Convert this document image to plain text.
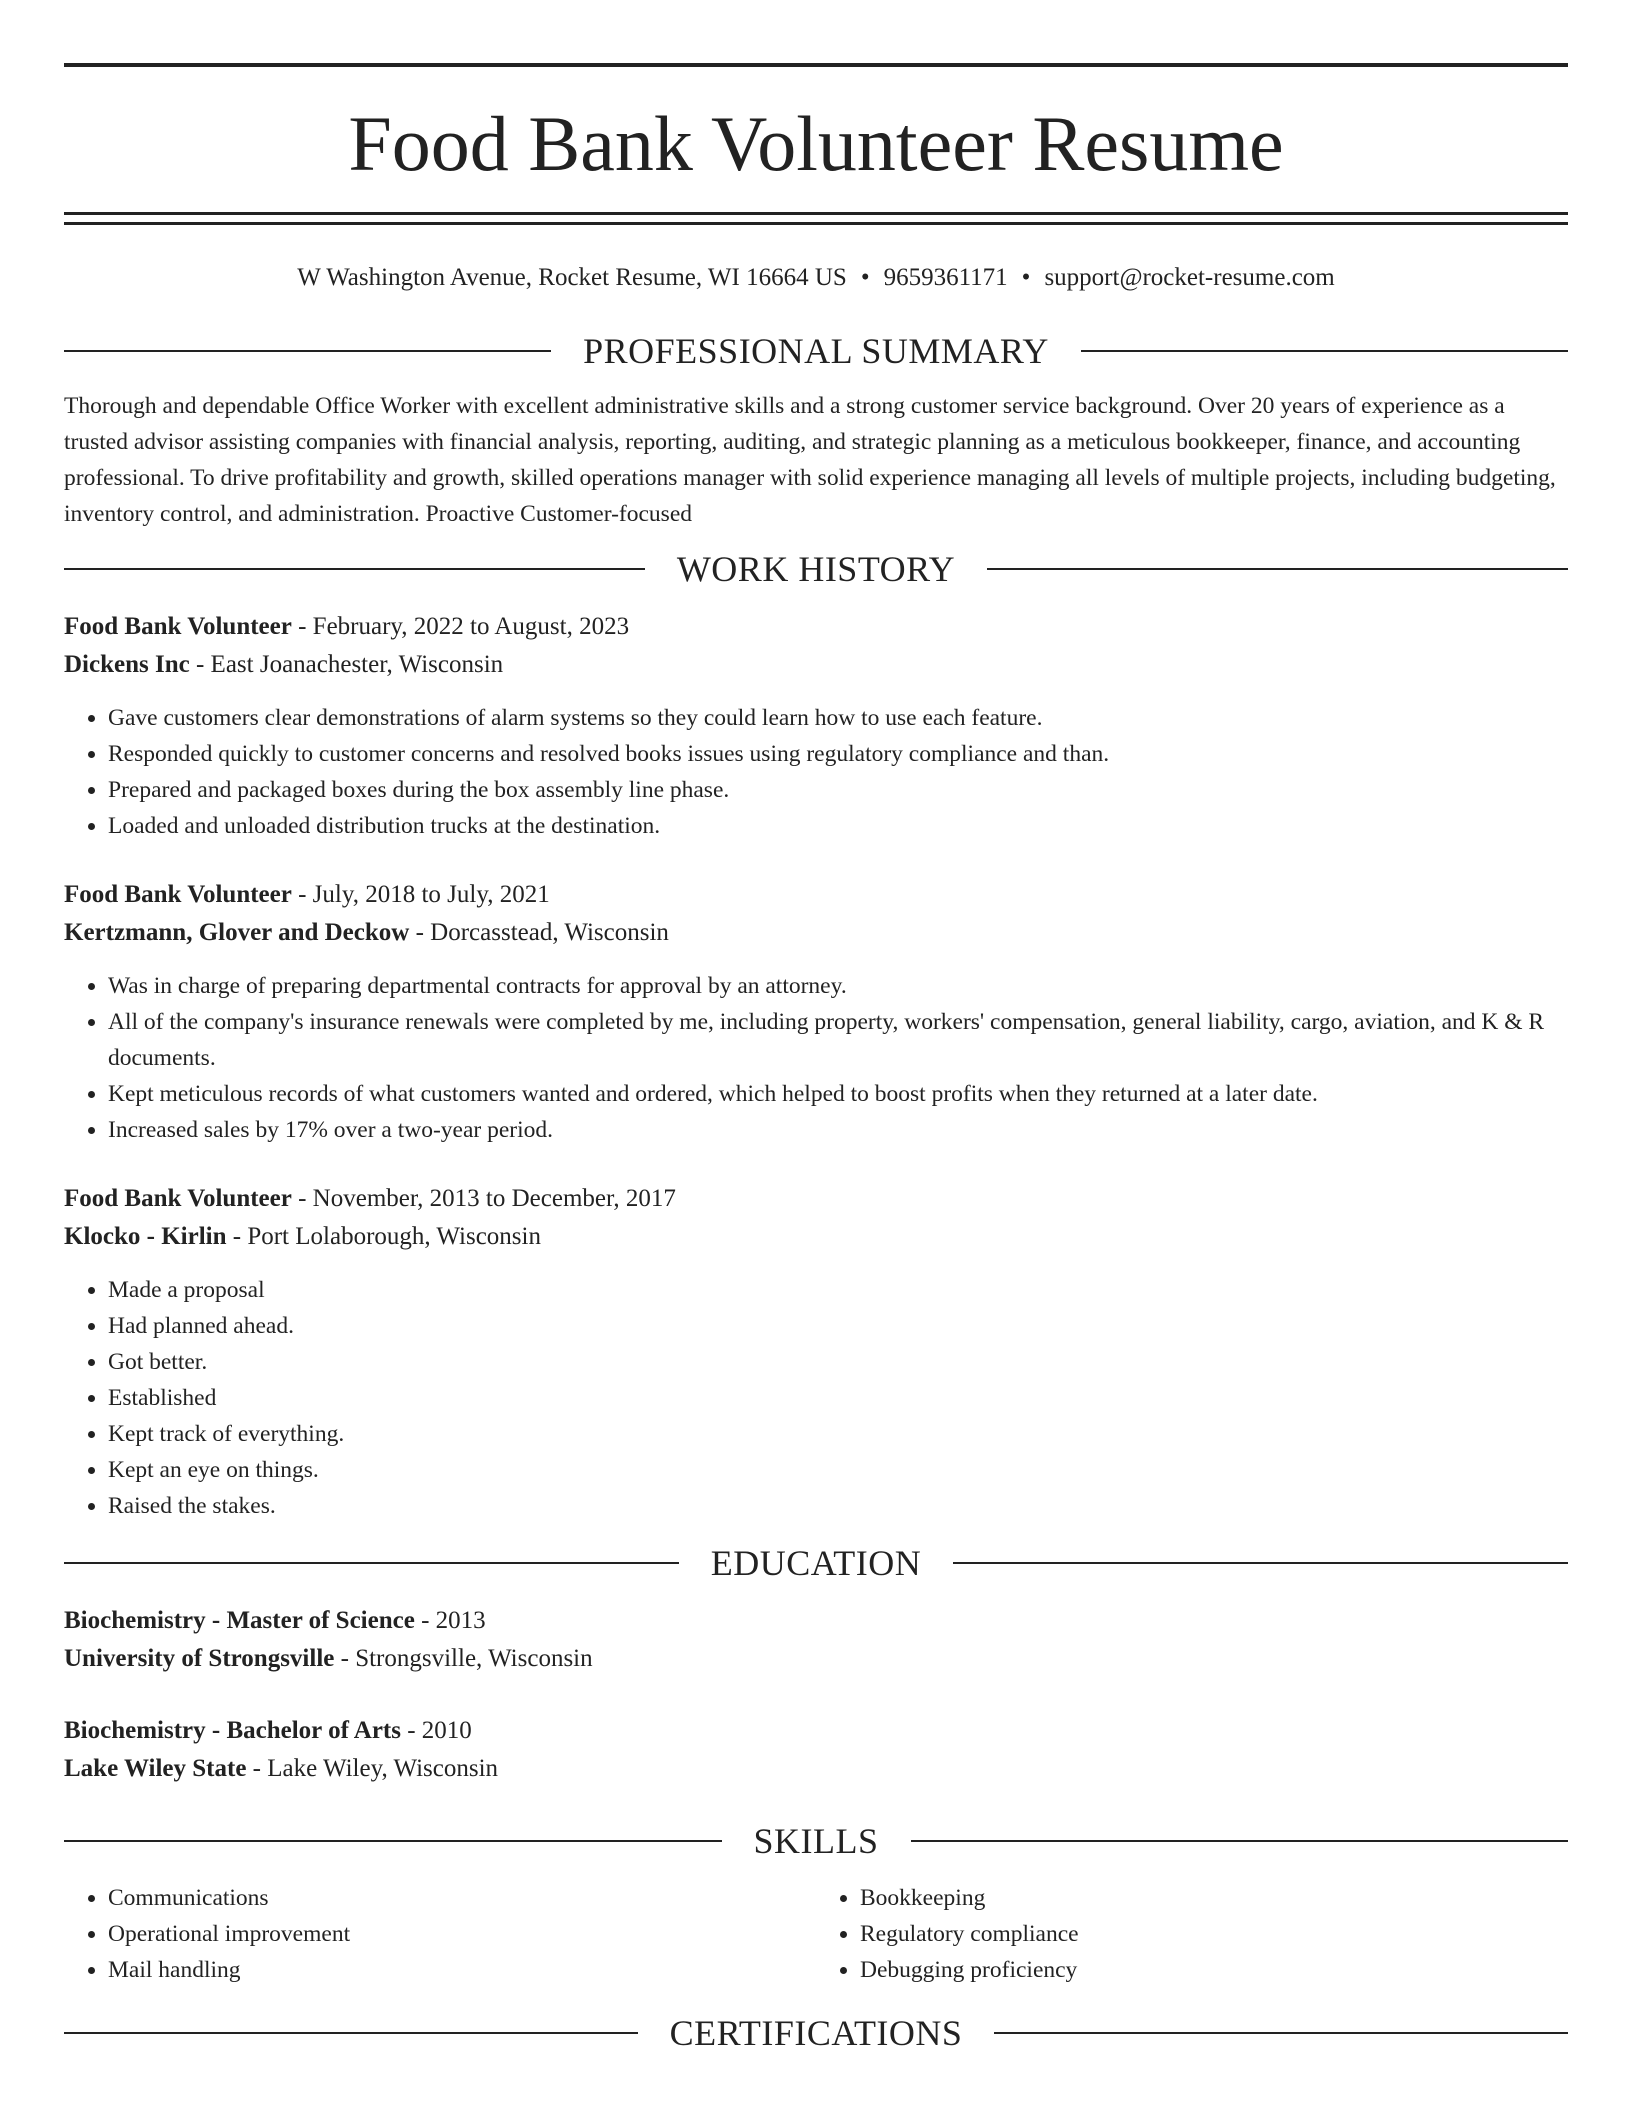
Food Bank Volunteer Resume
W Washington Avenue, Rocket Resume, WI 16664 US • 9659361171 • support@rocket-resume.com
PROFESSIONAL SUMMARY

Thorough and dependable Office Worker with excellent administrative skills and a strong customer service background. Over 20 years of experience as a trusted advisor assisting companies with financial analysis, reporting, auditing, and strategic planning as a meticulous bookkeeper, finance, and accounting professional. To drive profitability and growth, skilled operations manager with solid experience managing all levels of multiple projects, including budgeting, inventory control, and administration. Proactive Customer-focused

WORK HISTORY
Food Bank Volunteer - February, 2022 to August, 2023
Dickens Inc - East Joanachester, Wisconsin
• Gave customers clear demonstrations of alarm systems so they could learn how to use each feature.
• Responded quickly to customer concerns and resolved books issues using regulatory compliance and than.
• Prepared and packaged boxes during the box assembly line phase.
• Loaded and unloaded distribution trucks at the destination.
Food Bank Volunteer - July, 2018 to July, 2021
Kertzmann, Glover and Deckow - Dorcasstead, Wisconsin
• Was in charge of preparing departmental contracts for approval by an attorney.
• All of the company's insurance renewals were completed by me, including property, workers' compensation, general liability, cargo, aviation, and K & R documents.
• Kept meticulous records of what customers wanted and ordered, which helped to boost profits when they returned at a later date.
• Increased sales by 17% over a two-year period.
Food Bank Volunteer - November, 2013 to December, 2017
Klocko - Kirlin - Port Lolaborough, Wisconsin
• Made a proposal
• Had planned ahead.
• Got better.
• Established
• Kept track of everything.
• Kept an eye on things.
• Raised the stakes.
EDUCATION
Biochemistry - Master of Science - 2013
University of Strongsville - Strongsville, Wisconsin
Biochemistry - Bachelor of Arts - 2010
Lake Wiley State - Lake Wiley, Wisconsin
SKILLS
• Communications
• Operational improvement
• Mail handling
• Bookkeeping
• Regulatory compliance
• Debugging proficiency
CERTIFICATIONS
